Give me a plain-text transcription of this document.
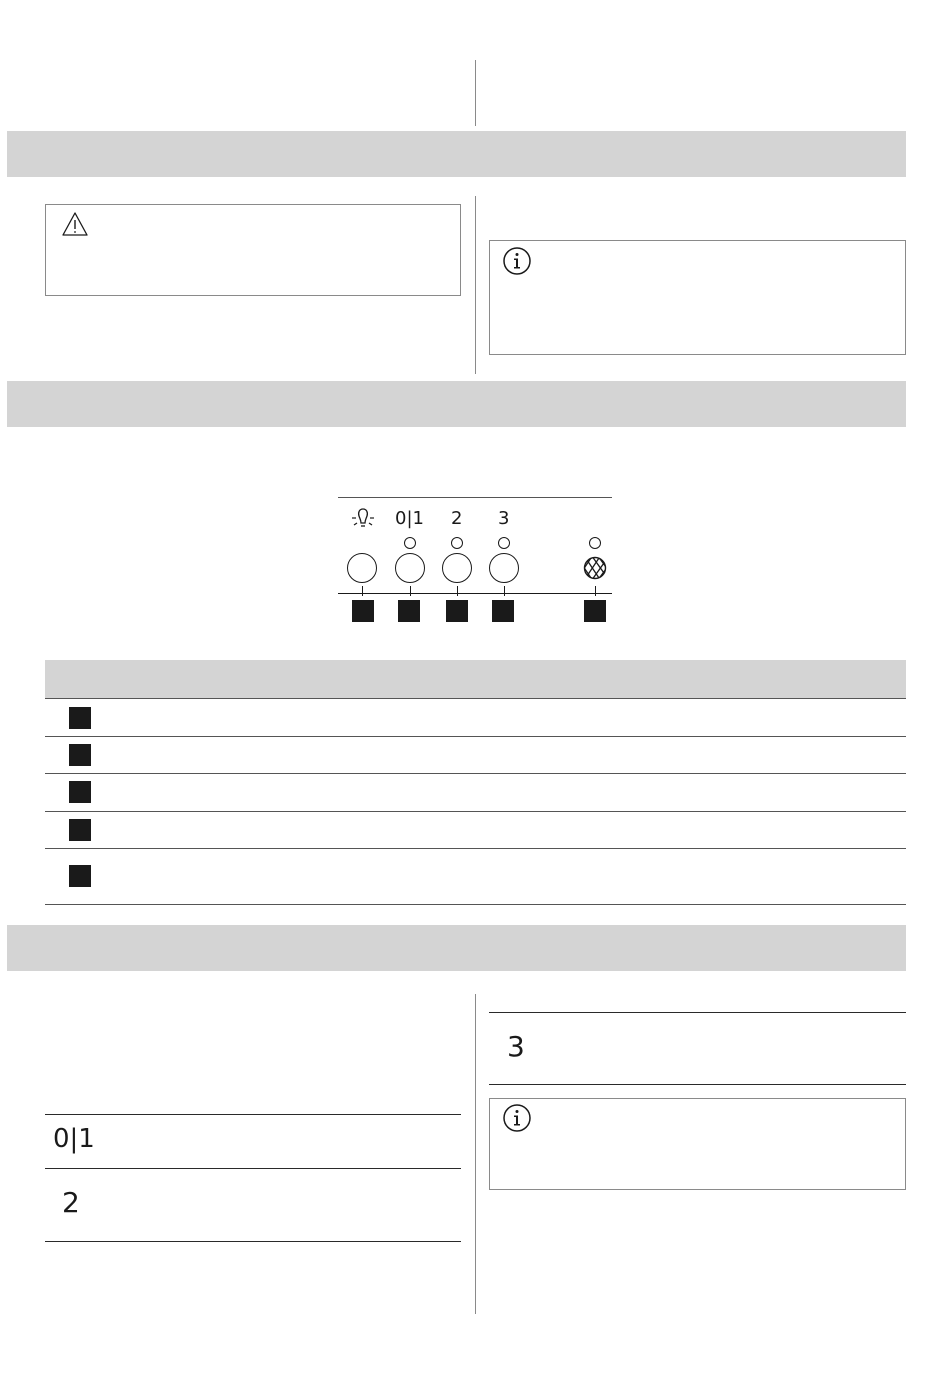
0|1 2 3
0|1
2
3
